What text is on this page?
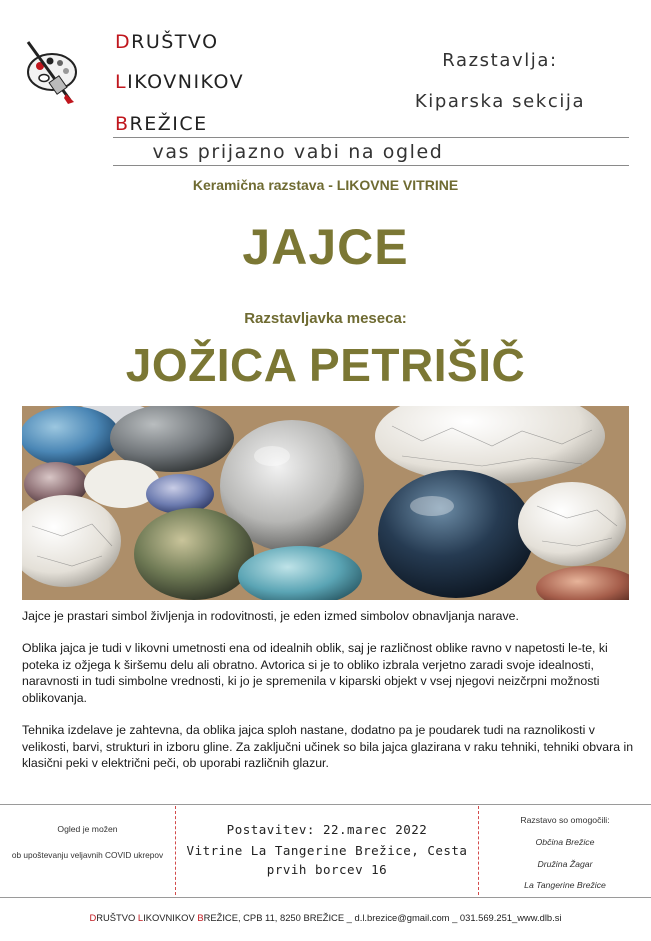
DRUŠTVO
LIKOVNIKOV
BREŽICE
Razstavlja:
Kiparska sekcija
vas prijazno vabi na ogled
Keramična razstava - LIKOVNE VITRINE
JAJCE
Razstavljavka meseca:
JOŽICA PETRIŠIČ
Jajce je prastari simbol življenja in rodovitnosti, je eden izmed simbolov obnavljanja narave.
Oblika jajca je tudi v likovni umetnosti ena od idealnih oblik, saj je različnost oblike ravno v napetosti le-te, ki poteka iz ožjega k širšemu delu ali obratno. Avtorica si je to obliko izbrala verjetno zaradi svoje idealnosti, naravnosti in tudi simbolne vrednosti, ki jo je spremenila v kiparski objekt v vsej njegovi neizčrpni možnosti oblikovanja.
Tehnika izdelave je zahtevna, da oblika jajca sploh nastane, dodatno pa je poudarek tudi na raznolikosti v velikosti, barvi, strukturi in izboru gline. Za zaključni učinek so bila jajca glazirana v raku tehniki, tehniki obvara in klasični peki v električni peči, ob uporabi različnih glazur.
Ogled je možen
ob upoštevanju veljavnih COVID ukrepov
Postavitev: 22.marec 2022
Vitrine La Tangerine Brežice, Cesta
prvih borcev 16
Razstavo so omogočili:
Občina Brežice
Družina Žagar
La Tangerine Brežice
DRUŠTVO LIKOVNIKOV BREŽICE, CPB 11, 8250 BREŽICE _ d.l.brezice@gmail.com _ 031.569.251_www.dlb.si
